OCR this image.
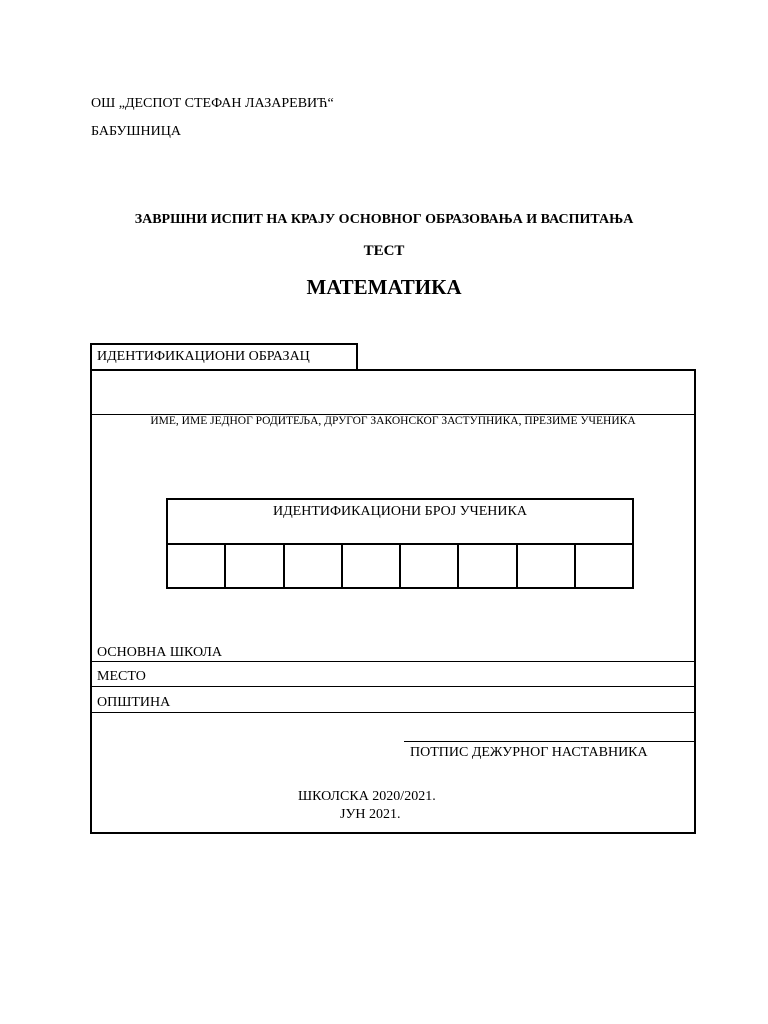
ОШ „ДЕСПОТ СТЕФАН ЛАЗАРЕВИЋ“
БАБУШНИЦА
ЗАВРШНИ ИСПИТ НА КРАЈУ ОСНОВНОГ ОБРАЗОВАЊА И ВАСПИТАЊА
ТЕСТ
МАТЕМАТИКА
ИДЕНТИФИКАЦИОНИ ОБРАЗАЦ
ИМЕ, ИМЕ ЈЕДНОГ РОДИТЕЉА, ДРУГОГ ЗАКОНСКОГ ЗАСТУПНИКА, ПРЕЗИМЕ УЧЕНИКА
ИДЕНТИФИКАЦИОНИ БРОЈ УЧЕНИКА
ОСНОВНА ШКОЛА
МЕСТО
ОПШТИНА
ПОТПИС ДЕЖУРНОГ НАСТАВНИКА
ШКОЛСКА 2020/2021.
ЈУН 2021.
